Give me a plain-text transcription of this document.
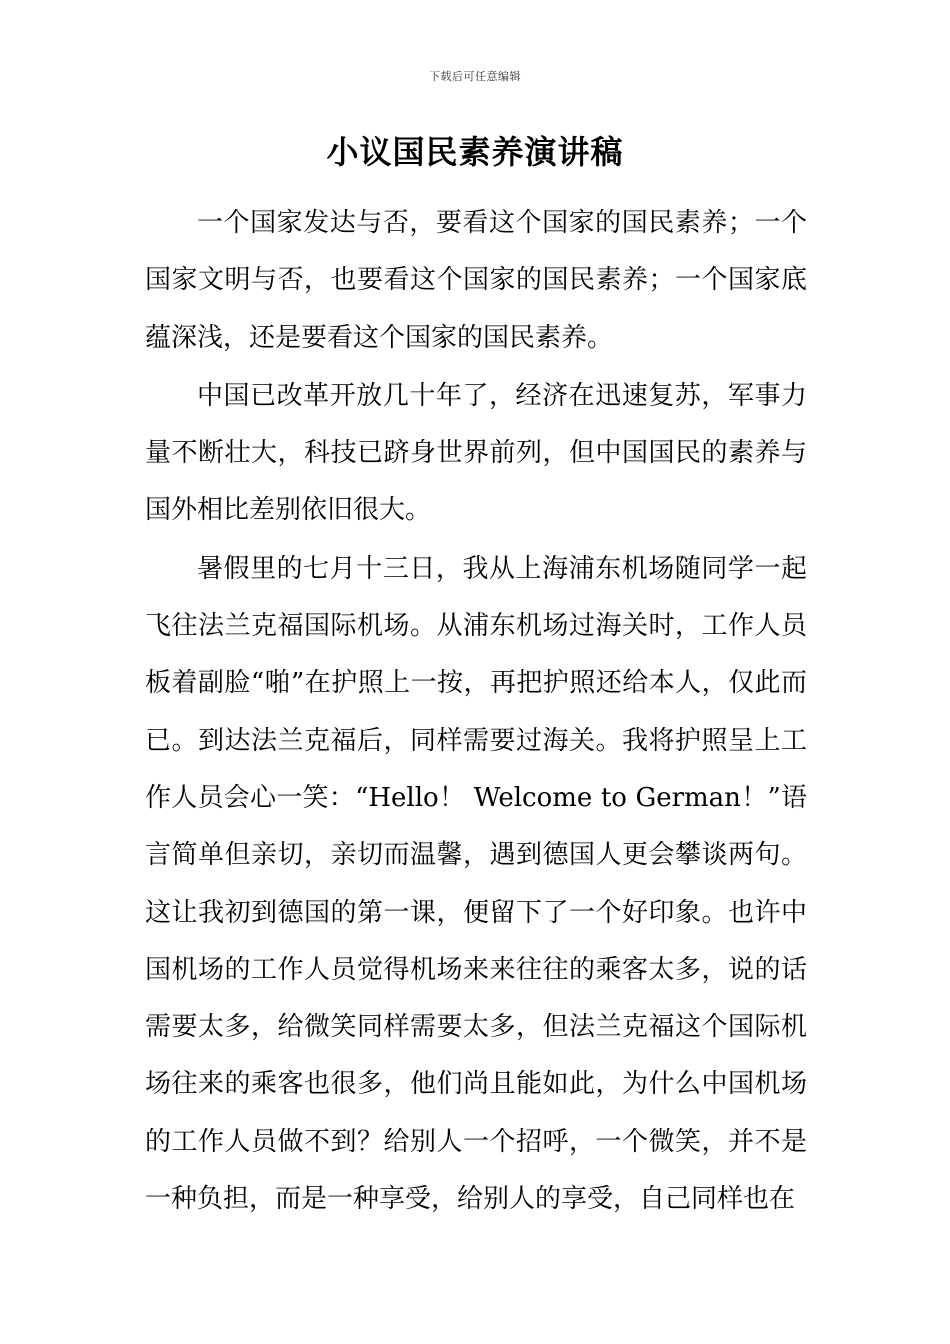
下载后可任意编辑
小议国民素养演讲稿

一个国家发达与否，要看这个国家的国民素养；一个国家文明与否，也要看这个国家的国民素养；一个国家底蕴深浅，还是要看这个国家的国民素养。

中国已改革开放几十年了，经济在迅速复苏，军事力量不断壮大，科技已跻身世界前列，但中国国民的素养与国外相比差别依旧很大。

暑假里的七月十三日，我从上海浦东机场随同学一起飞往法兰克福国际机场。从浦东机场过海关时，工作人员板着副脸“啪”在护照上一按，再把护照还给本人，仅此而已。到达法兰克福后，同样需要过海关。我将护照呈上工作人员会心一笑：“Hello！ Welcome to German！”语言简单但亲切，亲切而温馨，遇到德国人更会攀谈两句。这让我初到德国的第一课，便留下了一个好印象。也许中国机场的工作人员觉得机场来来往往的乘客太多，说的话需要太多，给微笑同样需要太多，但法兰克福这个国际机场往来的乘客也很多，他们尚且能如此，为什么中国机场的工作人员做不到？给别人一个招呼，一个微笑，并不是一种负担，而是一种享受，给别人的享受，自己同样也在
